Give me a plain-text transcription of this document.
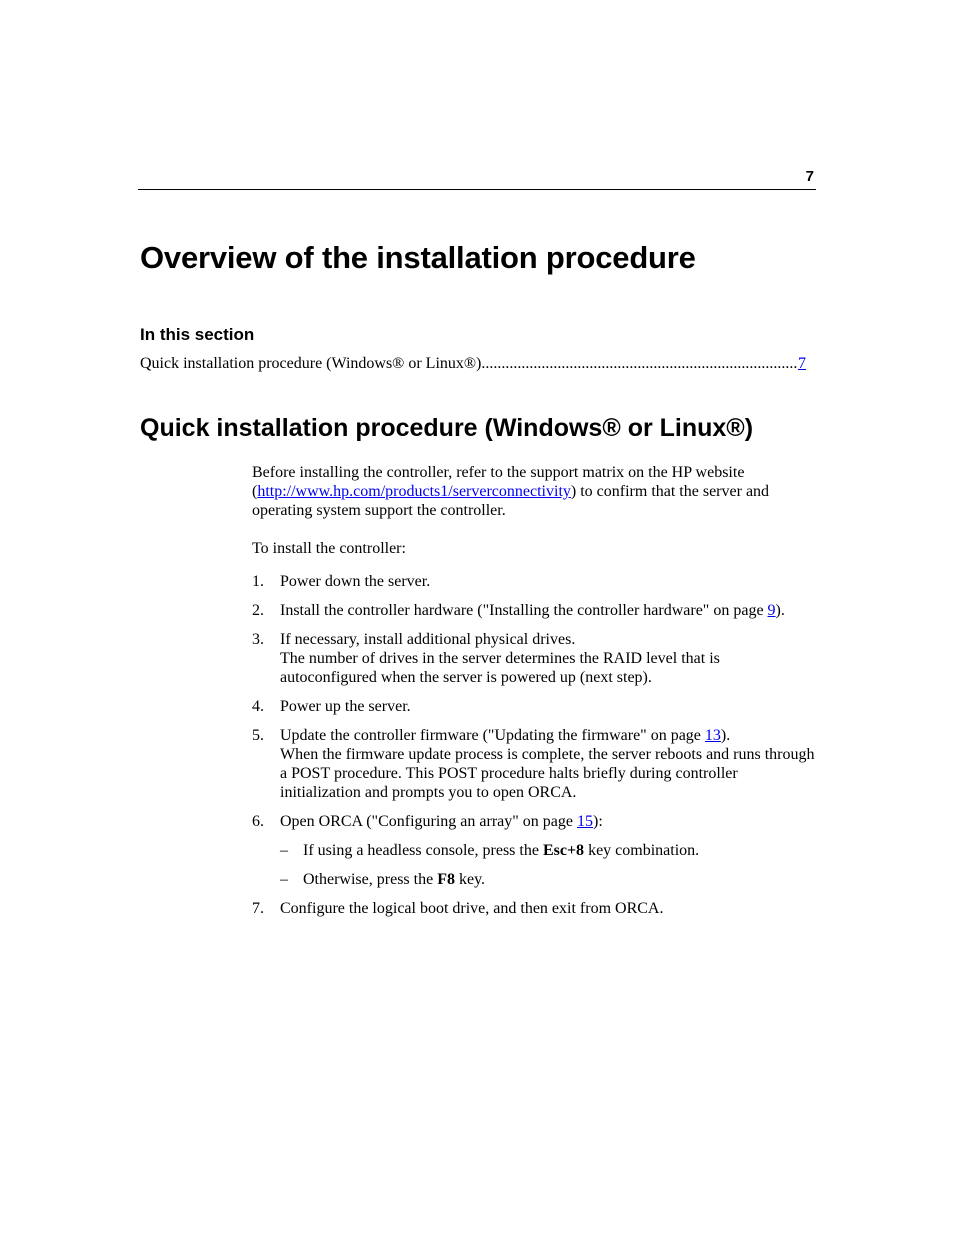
7
Overview of the installation procedure
In this section
Quick installation procedure (Windows® or Linux®)
.....	7
Quick installation procedure (Windows® or Linux®)

Before installing the controller, refer to the support matrix on the HP website (http://www.hp.com/products1/serverconnectivity) to confirm that the server and operating system support the controller.

To install the controller:

1. Power down the server.
2. Install the controller hardware ("Installing the controller hardware" on page 9).
3. If necessary, install additional physical drives.

The number of drives in the server determines the RAID level that is autoconfigured when the server is powered up (next step).

4. Power up the server.
5. Update the controller firmware ("Updating the firmware" on page 13).

When the firmware update process is complete, the server reboots and runs through a POST procedure. This POST procedure halts briefly during controller initialization and prompts you to open ORCA.

6. Open ORCA ("Configuring an array" on page 15):
– If using a headless console, press the Esc+8 key combination.
– Otherwise, press the F8 key.
7. Configure the logical boot drive, and then exit from ORCA.
